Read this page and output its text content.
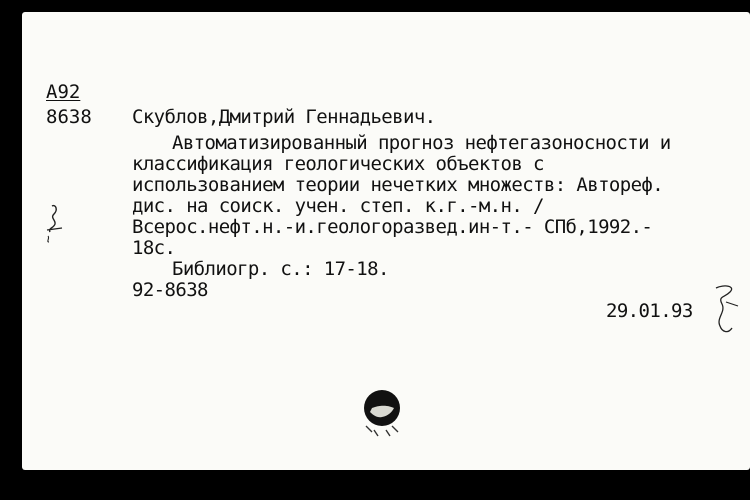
А92
8638 Скублов,Дмитрий Геннадьевич.
Автоматизированный прогноз нефтегазоносности и
классификация геологических объектов с
использованием теории нечетких множеств: Автореф.
дис. на соиск. учен. степ. к.г.-м.н. /
Всерос.нефт.н.-и.геологоразвед.ин-т.- СПб,1992.-
18с.
Библиогр. с.: 17-18.
92-8638
29.01.93
